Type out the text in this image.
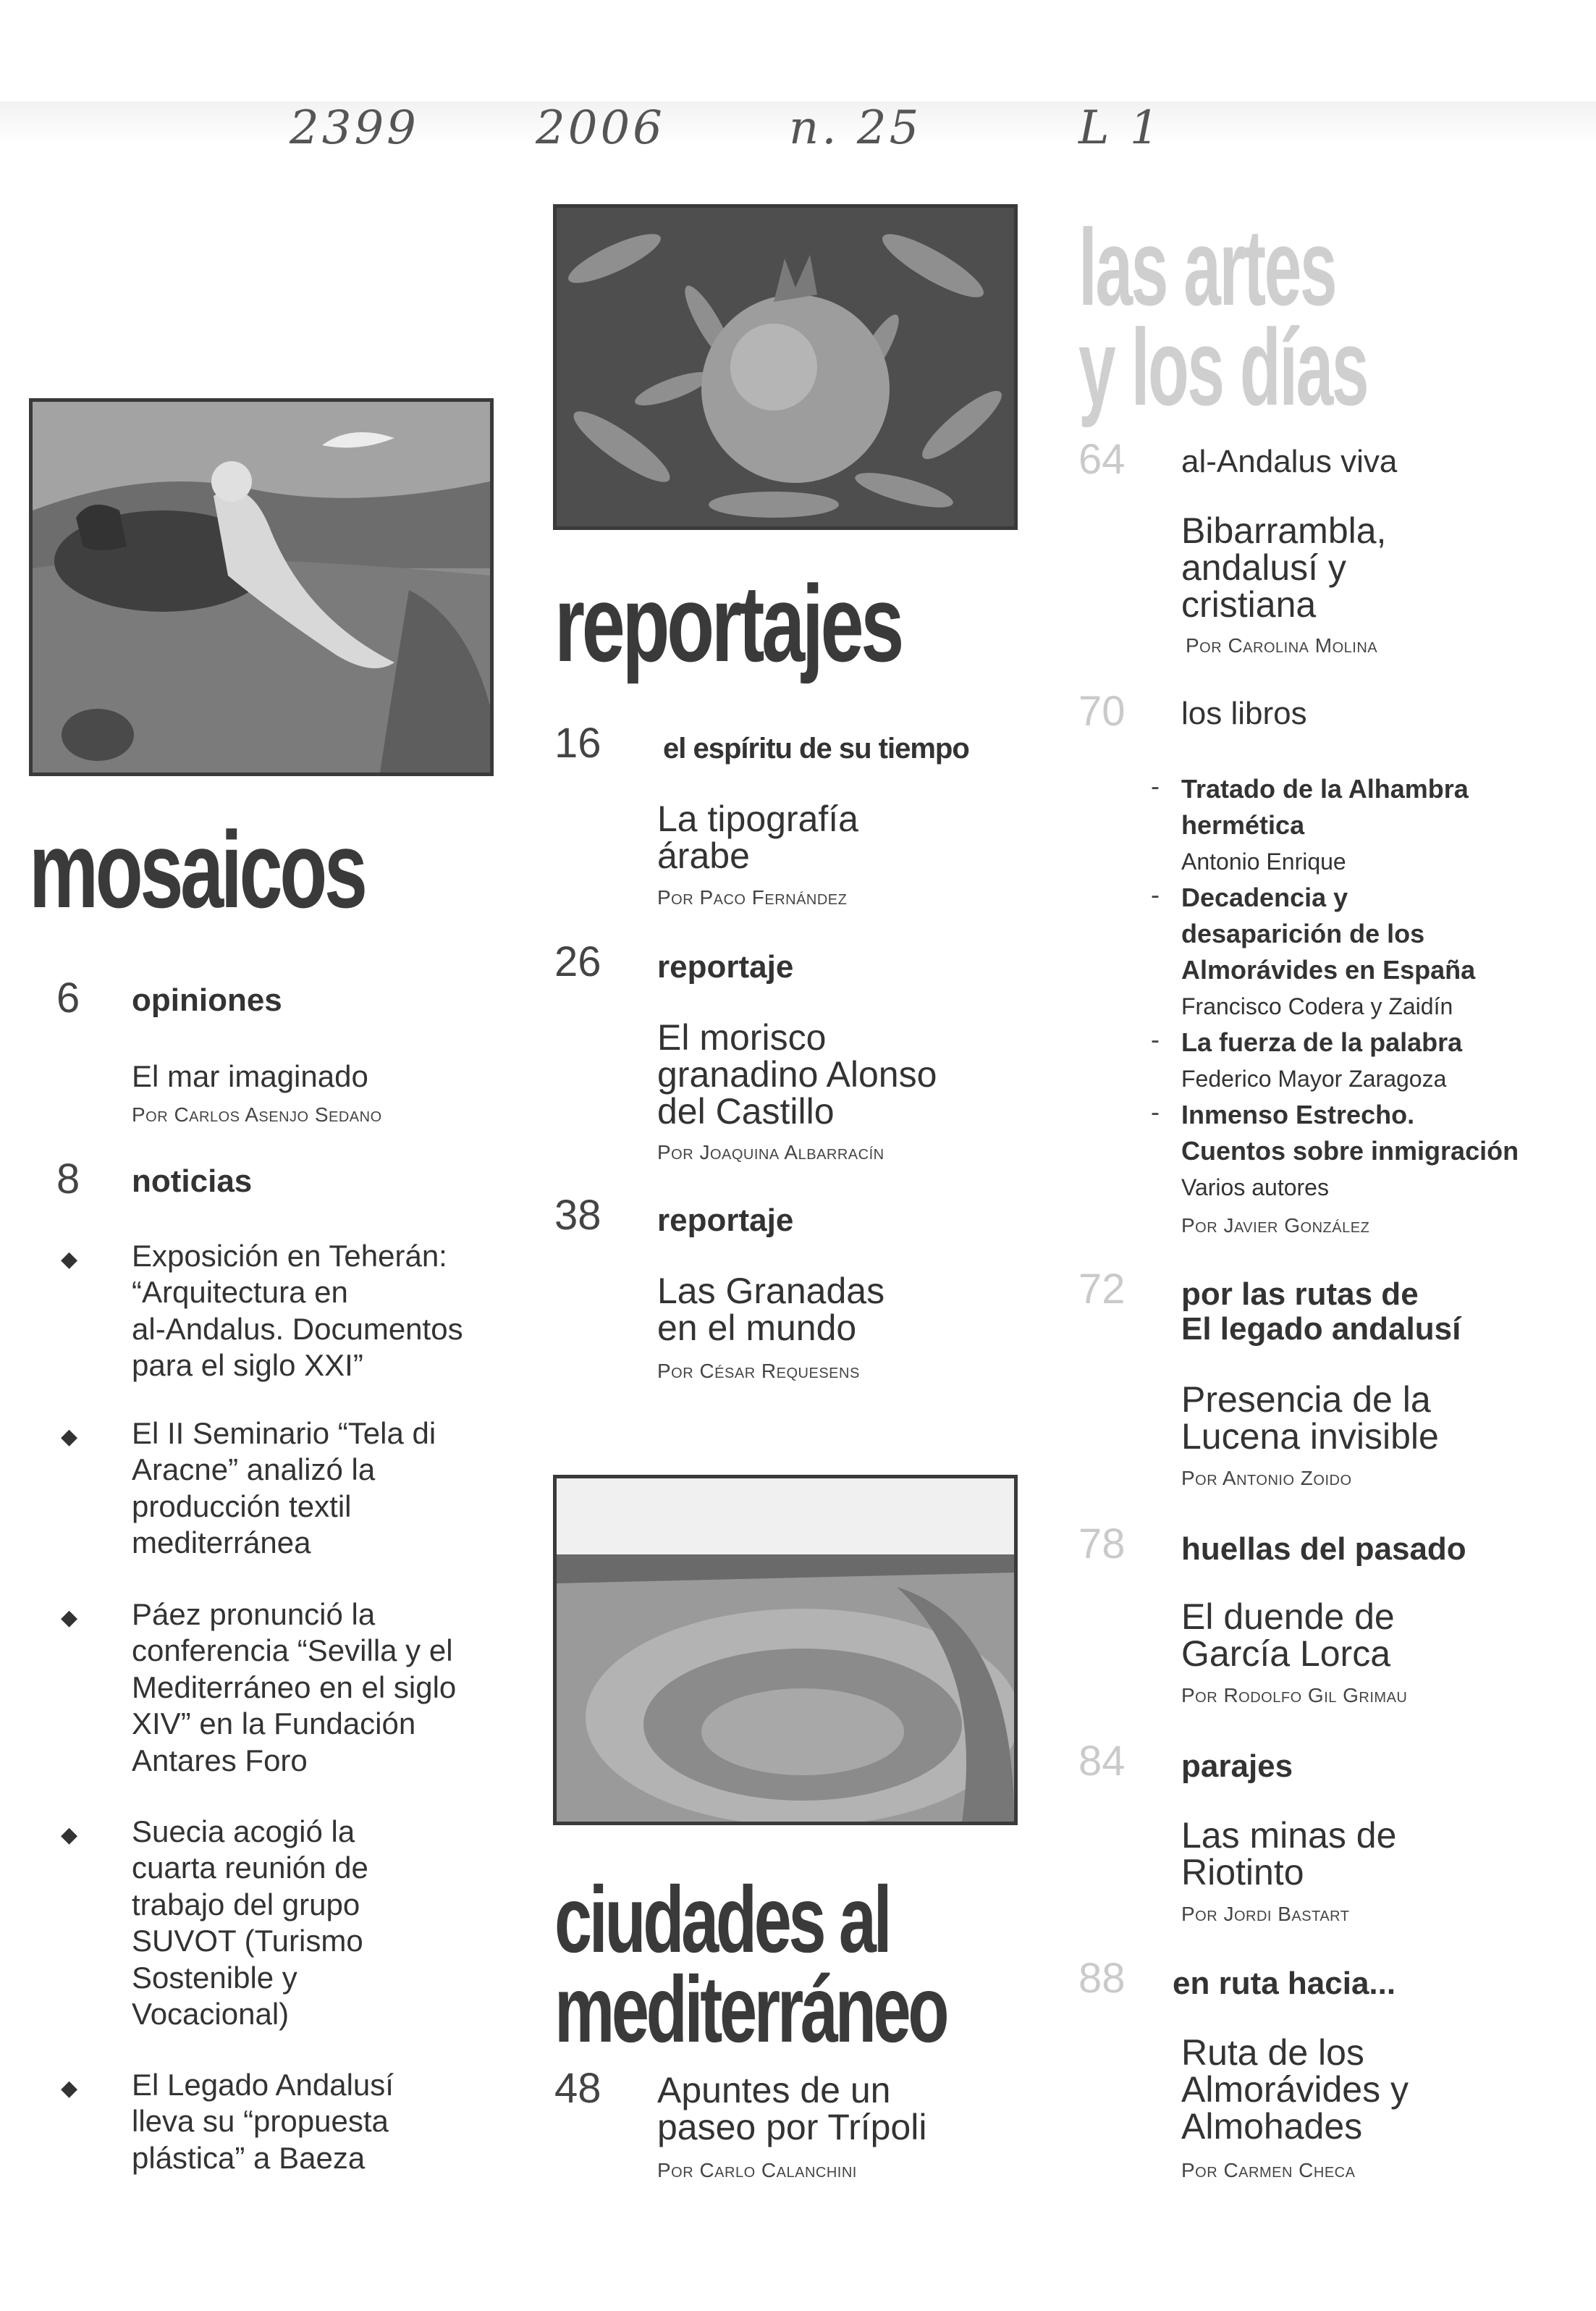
2399	2006	n. 25	L 1
mosaicos
6 opiniones
El mar imaginado
Por Carlos Asenjo Sedano
8 noticias
◆ Exposición en Teherán:
“Arquitectura en
al-Andalus. Documentos
para el siglo XXI”
◆ El II Seminario “Tela di
Aracne” analizó la
producción textil
mediterránea
◆ Páez pronunció la
conferencia “Sevilla y el
Mediterráneo en el siglo
XIV” en la Fundación
Antares Foro
◆ Suecia acogió la
cuarta reunión de
trabajo del grupo
SUVOT (Turismo
Sostenible y
Vocacional)
◆ El Legado Andalusí
lleva su “propuesta
plástica” a Baeza
reportajes
16 el espíritu de su tiempo
La tipografía
árabe
Por Paco Fernández
26 reportaje
El morisco
granadino Alonso
del Castillo
Por Joaquina Albarracín
38 reportaje
Las Granadas
en el mundo
Por César Requesens
ciudades al
mediterráneo
48 Apuntes de un
paseo por Trípoli
Por Carlo Calanchini
las artes
y los días
64 al-Andalus viva
Bibarrambla,
andalusí y
cristiana
Por Carolina Molina
70 los libros
- Tratado de la Alhambra
hermética
Antonio Enrique
- Decadencia y
desaparición de los
Almorávides en España
Francisco Codera y Zaidín
- La fuerza de la palabra
Federico Mayor Zaragoza
- Inmenso Estrecho.
Cuentos sobre inmigración
Varios autores
Por Javier González
72 por las rutas de
El legado andalusí
Presencia de la
Lucena invisible
Por Antonio Zoido
78 huellas del pasado
El duende de
García Lorca
Por Rodolfo Gil Grimau
84 parajes
Las minas de
Riotinto
Por Jordi Bastart
88 en ruta hacia...
Ruta de los
Almorávides y
Almohades
Por Carmen Checa
